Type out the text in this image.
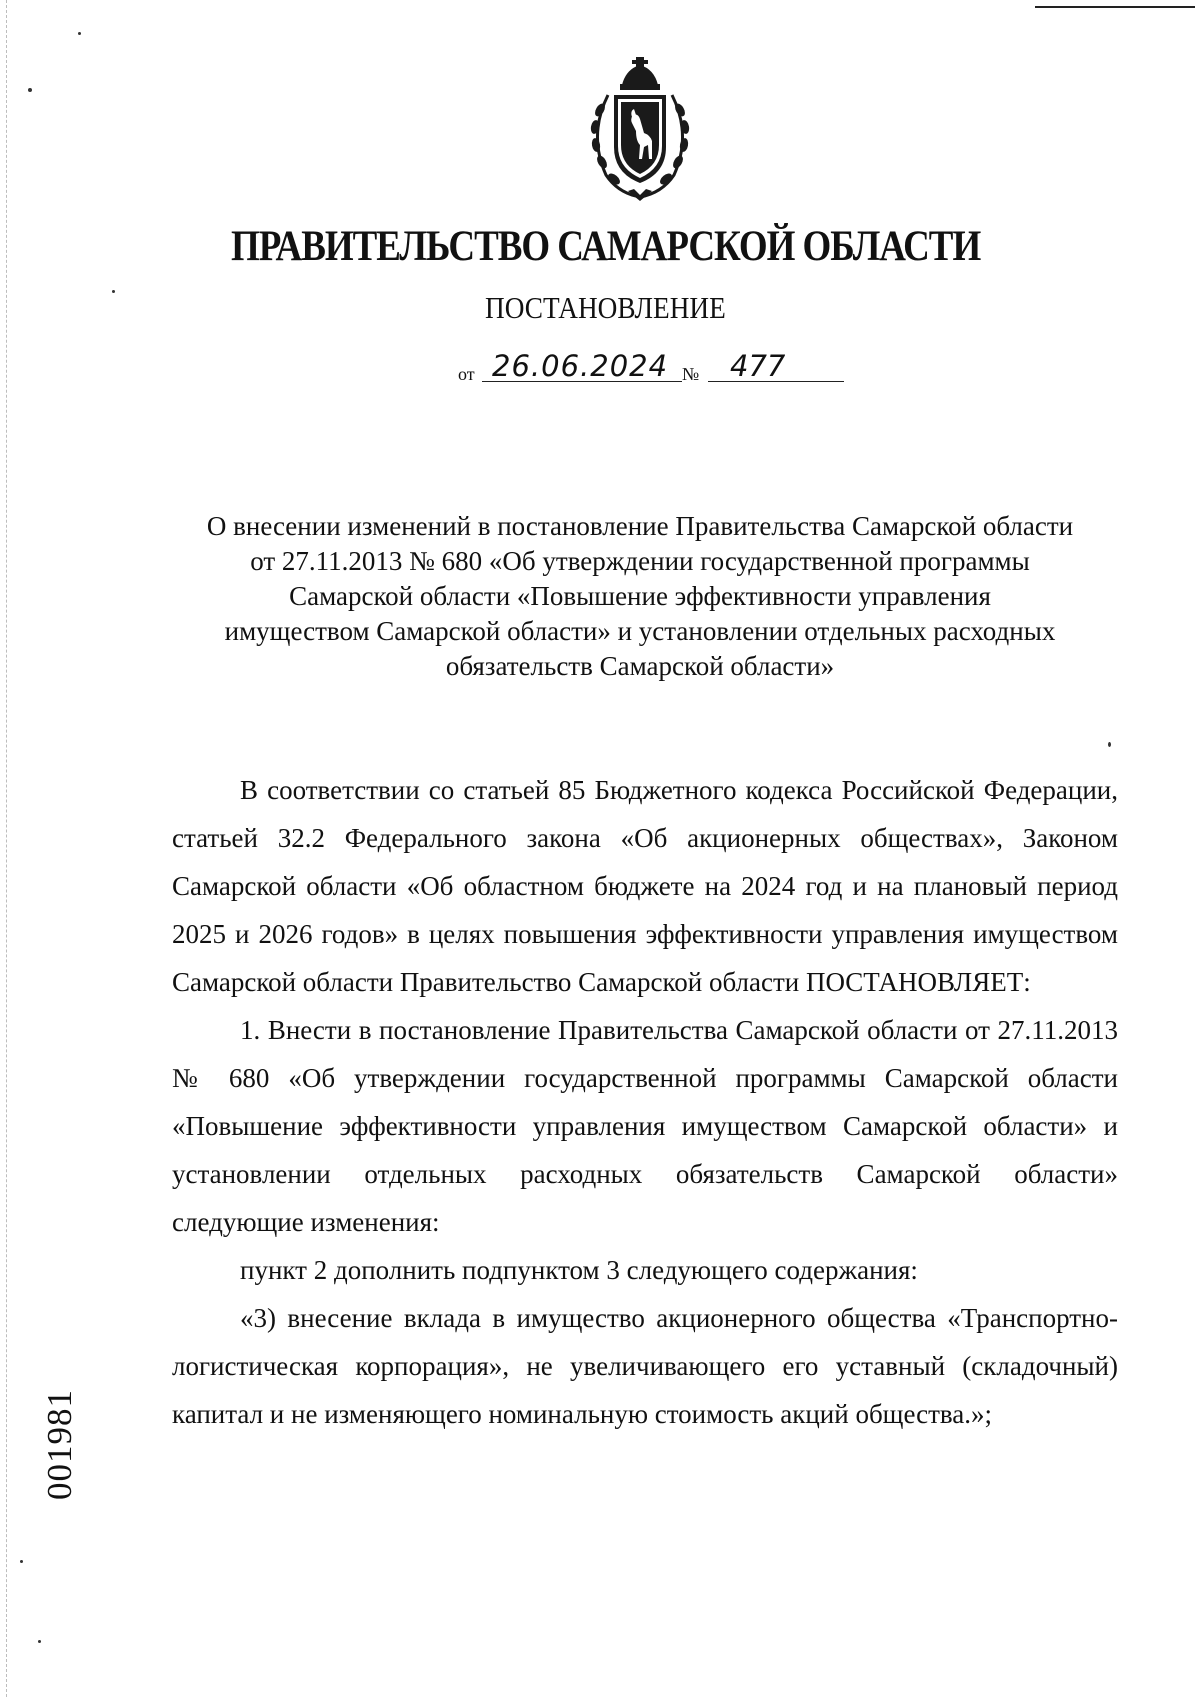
ПРАВИТЕЛЬСТВО САМАРСКОЙ ОБЛАСТИ
ПОСТАНОВЛЕНИЕ
от 26.06.2024 №	477
О внесении изменений в постановление Правительства Самарской области
от 27.11.2013 № 680 «Об утверждении государственной программы
Самарской области «Повышение эффективности управления
имуществом Самарской области» и установлении отдельных расходных
обязательств Самарской области»

В соответствии со статьей 85 Бюджетного кодекса Российской Федерации, статьей 32.2 Федерального закона «Об акционерных обществах», Законом Самарской области «Об областном бюджете на 2024 год и на плановый период 2025 и 2026 годов» в целях повышения эффективности управления имуществом Самарской области Правительство Самарской области ПОСТАНОВЛЯЕТ:

1. Внести в постановление Правительства Самарской области от 27.11.2013 № 680 «Об утверждении государственной программы Самарской области «Повышение эффективности управления имуществом Самарской области» и установлении отдельных расходных обязательств Самарской области» следующие изменения:

пункт 2 дополнить подпунктом 3 следующего содержания:

«3) внесение вклада в имущество акционерного общества «Транспортно-логистическая корпорация», не увеличивающего его уставный (складочный) капитал и не изменяющего номинальную стоимость акций общества.»;

001981
